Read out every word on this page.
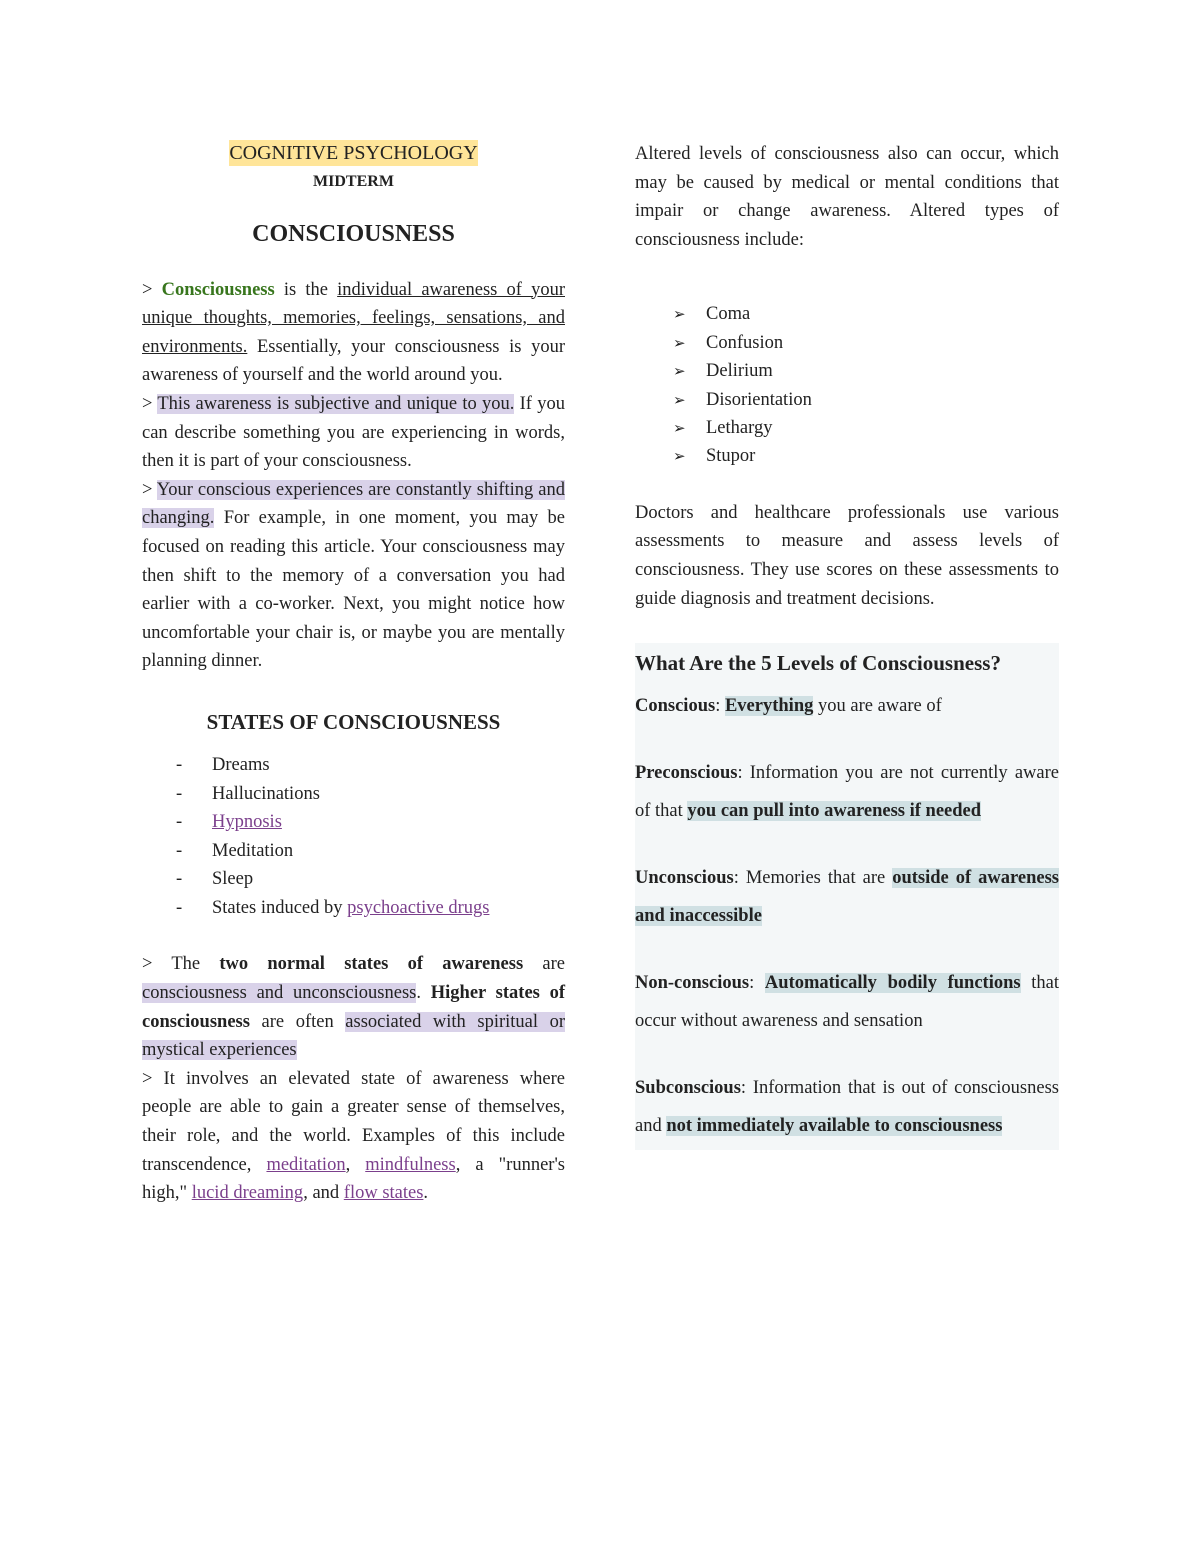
COGNITIVE PSYCHOLOGY

MIDTERM

CONSCIOUSNESS

> Consciousness is the individual awareness of your unique thoughts, memories, feelings, sensations, and environments. Essentially, your consciousness is your awareness of yourself and the world around you.

> This awareness is subjective and unique to you. If you can describe something you are experiencing in words, then it is part of your consciousness.

> Your conscious experiences are constantly shifting and changing. For example, in one moment, you may be focused on reading this article. Your consciousness may then shift to the memory of a conversation you had earlier with a co-worker. Next, you might notice how uncomfortable your chair is, or maybe you are mentally planning dinner.

STATES OF CONSCIOUSNESS
- Dreams
- Hallucinations
- Hypnosis
- Meditation
- Sleep
- States induced by psychoactive drugs

> The two normal states of awareness are consciousness and unconsciousness. Higher states of consciousness are often associated with spiritual or mystical experiences

> It involves an elevated state of awareness where people are able to gain a greater sense of themselves, their role, and the world. Examples of this include transcendence, meditation, mindfulness, a "runner's high," lucid dreaming, and flow states.

Altered levels of consciousness also can occur, which may be caused by medical or mental conditions that impair or change awareness. Altered types of consciousness include:

➢ Coma
➢ Confusion
➢ Delirium
➢ Disorientation
➢ Lethargy
➢ Stupor

Doctors and healthcare professionals use various assessments to measure and assess levels of consciousness. They use scores on these assessments to guide diagnosis and treatment decisions.

What Are the 5 Levels of Consciousness?

Conscious: Everything you are aware of

Preconscious: Information you are not currently aware of that you can pull into awareness if needed

Unconscious: Memories that are outside of awareness and inaccessible

Non-conscious: Automatically bodily functions that occur without awareness and sensation

Subconscious: Information that is out of consciousness and not immediately available to consciousness
